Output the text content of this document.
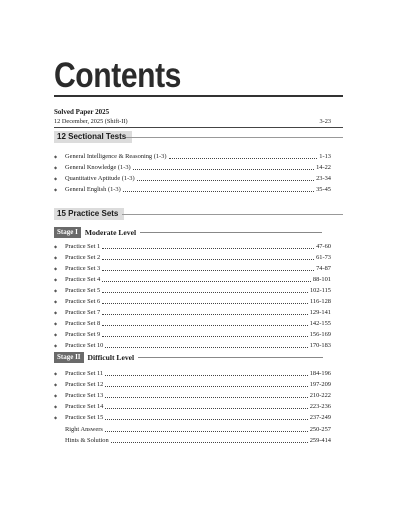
Contents
Solved Paper 2025
12 December, 2025 (Shift-II)	3-23
12 Sectional Tests
◆	General Intelligence & Reasoning (1-3)	1-13
◆	General Knowledge (1-3)	14-22
◆	Quantitative Aptitude (1-3)	23-34
◆	General English (1-3)	35-45
15 Practice Sets
Stage I Moderate Level
◆	Practice Set 1	47-60
◆	Practice Set 2	61-73
◆	Practice Set 3	74-87
◆	Practice Set 4	88-101
◆	Practice Set 5	102-115
◆	Practice Set 6	116-128
◆	Practice Set 7	129-141
◆	Practice Set 8	142-155
◆	Practice Set 9	156-169
◆	Practice Set 10	170-183
Stage II Difficult Level
◆	Practice Set 11	184-196
◆	Practice Set 12	197-209
◆	Practice Set 13	210-222
◆	Practice Set 14	223-236
◆	Practice Set 15	237-249
Right Answers	250-257
Hints & Solution	259-414
